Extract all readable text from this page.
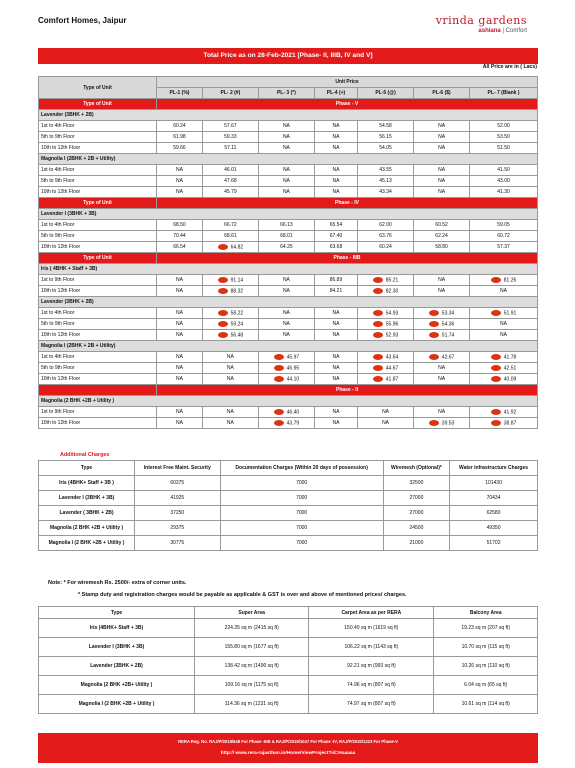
Comfort Homes, Jaipur	vrinda gardens
ashiana | Comfort
Total Price as on 28-Feb-2021 [Phase- II, IIIB, IV and V]
All Price are in ( Lacs)
Type of Unit	Unit Price						
	PL-1 (%)	PL- 2 (#)	PL- 3 (*)	PL-4 (+)	PL-5 (@)	PL-6 ($)	PL- 7 (Blank )
Type of Unit	Phase - V						
Lavender (3BHK + 2B)							
1st to 4th Floor	60.24	57.67	NA	NA	54.58	NA	52.00
5th to 9th Floor	61.98	59.33	NA	NA	56.15	NA	53.50
10th to 12th Floor	59.66	57.11	NA	NA	54.05	NA	51.50
Magnolia I (2BHK + 2B + Utility)							
1st to 4th Floor	NA	46.01	NA	NA	43.55	NA	41.50
5th to 9th Floor	NA	47.68	NA	NA	45.13	NA	43.00
10th to 12th Floor	NA	45.79	NA	NA	43.34	NA	41.30
Type of Unit	Phase - IV						
Lavender I (3BHK + 3B)							
1st to 4th Floor	68.50	66.72	66.13	65.54	62.00	60.52	59.05
5th to 9th Floor	70.44	68.61	68.01	67.40	63.76	62.24	60.72
10th to 12th Floor	66.54	64.82	64.25	63.68	60.24	58.80	57.37
Type of Unit	Phase - IIIB						
Iris ( 4BHK + Staff + 3B)							
1st to 9th Floor	NA	91.14	NA	86.89	85.21	NA	81.26
10th to 12th Floor	NA	88.32	NA	84.21	82.30	NA	NA
Lavender (3BHK + 2B)							
1st to 4th Floor	NA	58.22	NA	NA	54.93	53.34	51.91
5th to 9th Floor	NA	59.24	NA	NA	55.96	54.36	NA
10th to 12th Floor	NA	56.48	NA	NA	52.93	51.74	NA
Magnolia I (2BHK + 2B + Utility)							
1st to 4th Floor	NA	NA	45.97	NA	43.64	42.67	41.78
5th to 9th Floor	NA	NA	46.95	NA	44.67	NA	42.51
10th to 12th Floor	NA	NA	44.10	NA	41.87	NA	40.09
	Phase - II						
Magnolia (2 BHK +2B + Utility )							
1st to 9th Floor	NA	NA	46.40	NA	NA	NA	41.92
10th to 12th Floor	NA	NA	43.79	NA	NA	39.53	38.87
Additional Charges
Type	Interest Free Maint. Security	Documentation Charges (Within 20 days of possession)	Wiremesh (Optional)*	Water infrastructure Charges
Iris (4BHK+ Staff + 3B )	60375	7000	32500	101430
Lavender I (3BHK + 3B)	41925	7000	27000	70434
Lavender ( 3BHK + 2B)	37250	7000	27000	62580
Magnolia (2 BHK +2B + Utility )	29375	7000	24500	49350
Magnolia I (2 BHK +2B + Utility )	30775	7000	21000	51702
Note: * For wiremesh Rs. 2500/- extra of corner units.
* Stamp duty and registration charges would be payable as applicable & GST is over and above of mentioned prices/ charges.
Type	Super Area	Carpet Area as per RERA	Balcony Area
Iris (4BHK+ Staff + 3B)	224.35 sq m (2415 sq ft)	150.40 sq m (1619 sq ft)	19.23 sq m (207 sq ft)
Lavender I (3BHK + 3B)	155.80 sq m (1677 sq ft)	106.22 sq m (1143 sq ft)	10.70 sq m (115 sq ft)
Lavender (3BHK + 2B)	138.42 sq m (1490 sq ft)	92.21 sq m (993 sq ft)	10.26 sq m (110 sq ft)
Magnolia (2 BHK +2B+ Utility )	109.16 sq m (1175 sq ft)	74.96 sq m (807 sq ft)	6.04 sq m (65 sq ft)
Magnolia I (2 BHK +2B + Utility )	114.36 sq m (1231 sq ft)	74.97 sq m (807 sq ft)	10.61 sq m (114 sq ft)
RERA Reg. No. RAJ/P/2018/648 For Phase -IIIB & RAJ/P/2019/1047 For Phase -IV, RAJ/P/2020/1223 For Phase-V
http:// www.rera-rajasthan.in/Home/ViewProject?id=Haaaaa
